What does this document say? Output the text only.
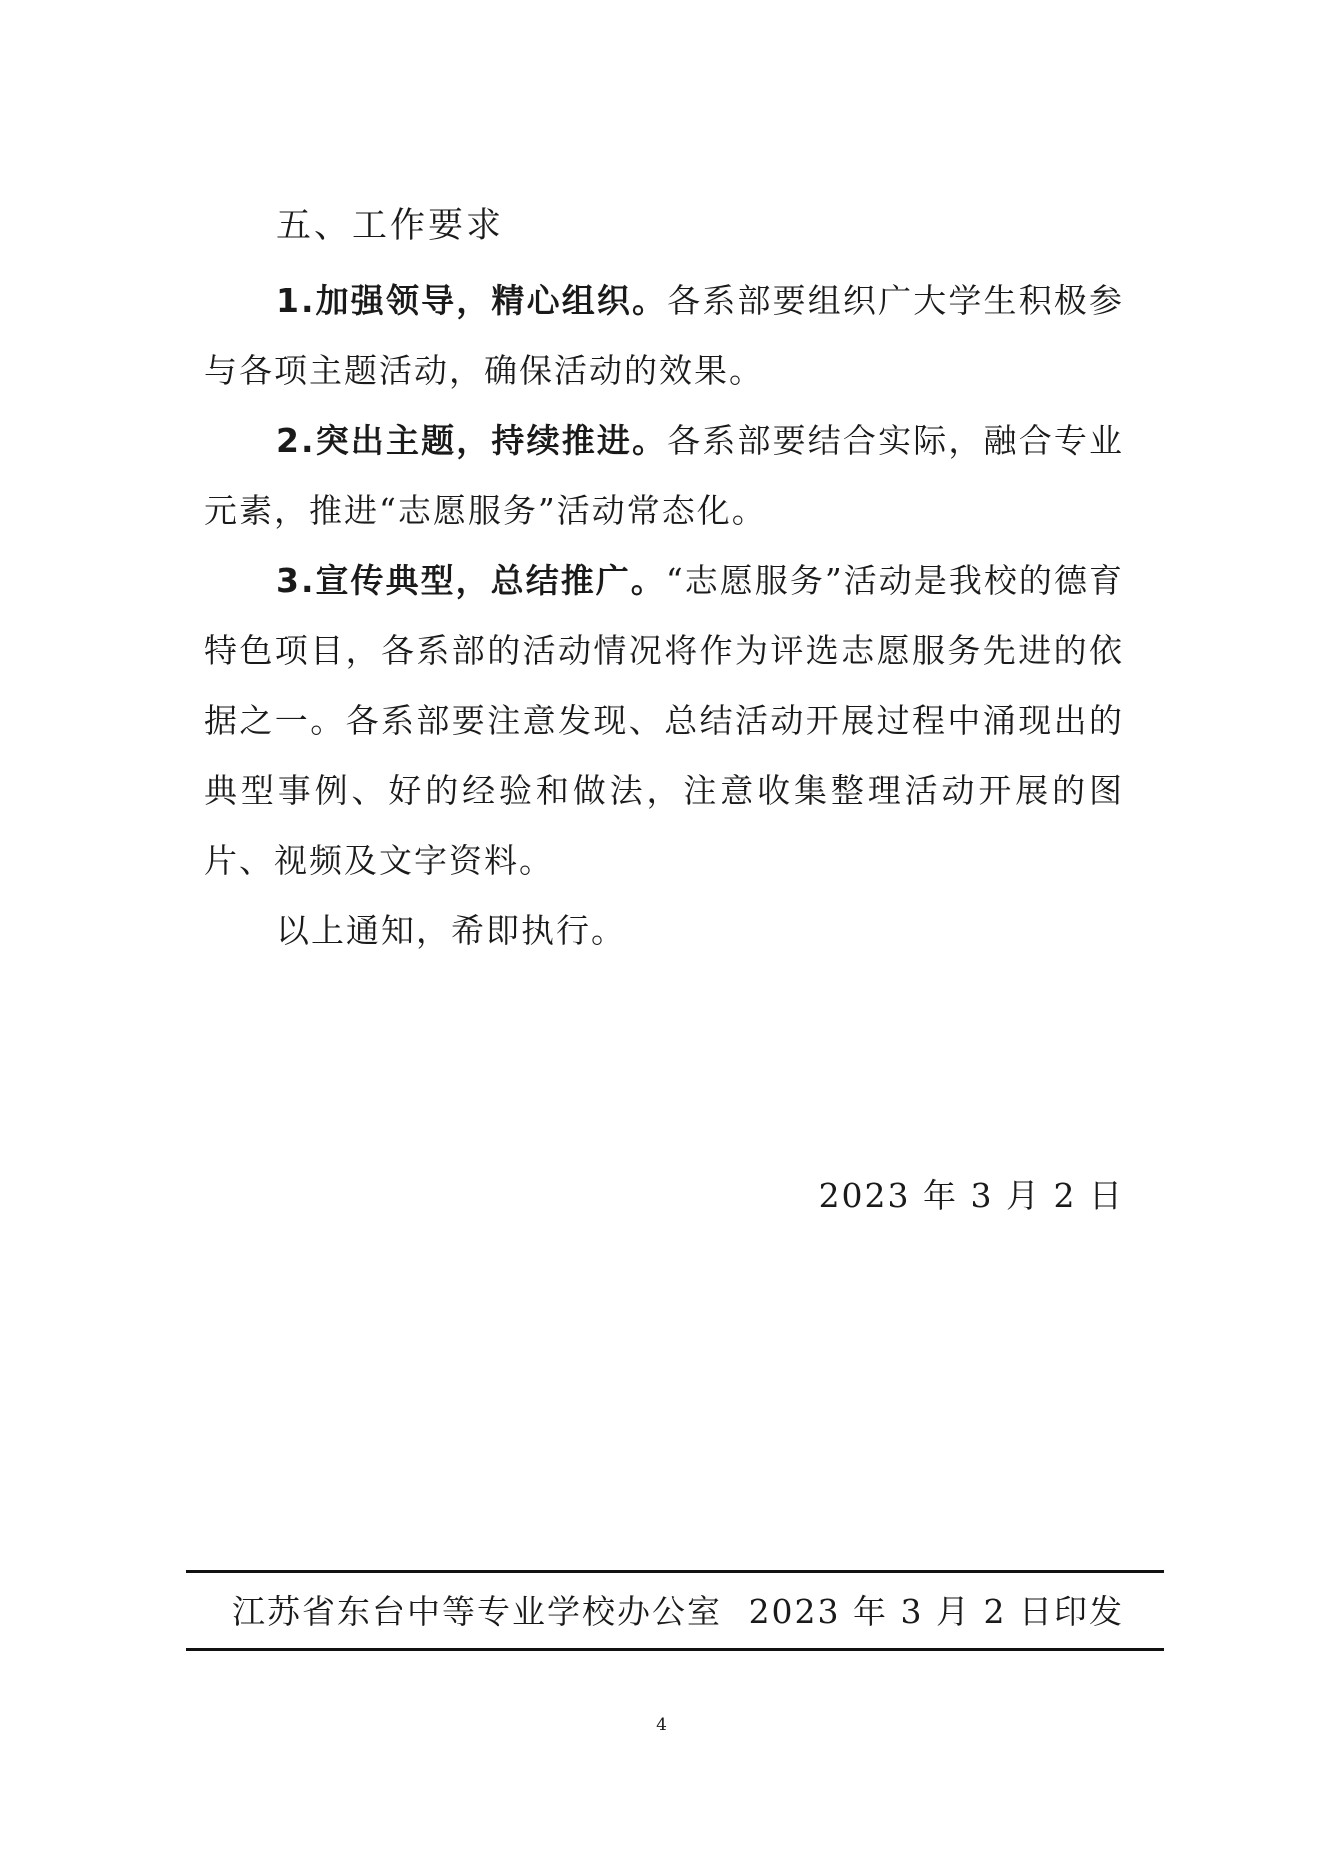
五、工作要求

1.加强领导，精心组织。各系部要组织广大学生积极参与各项主题活动，确保活动的效果。

2.突出主题，持续推进。各系部要结合实际，融合专业元素，推进“志愿服务”活动常态化。

3.宣传典型，总结推广。“志愿服务”活动是我校的德育特色项目，各系部的活动情况将作为评选志愿服务先进的依据之一。各系部要注意发现、总结活动开展过程中涌现出的典型事例、好的经验和做法，注意收集整理活动开展的图片、视频及文字资料。

以上通知，希即执行。

2023 年 3 月 2 日
江苏省东台中等专业学校办公室 2023 年 3 月 2 日印发
4
